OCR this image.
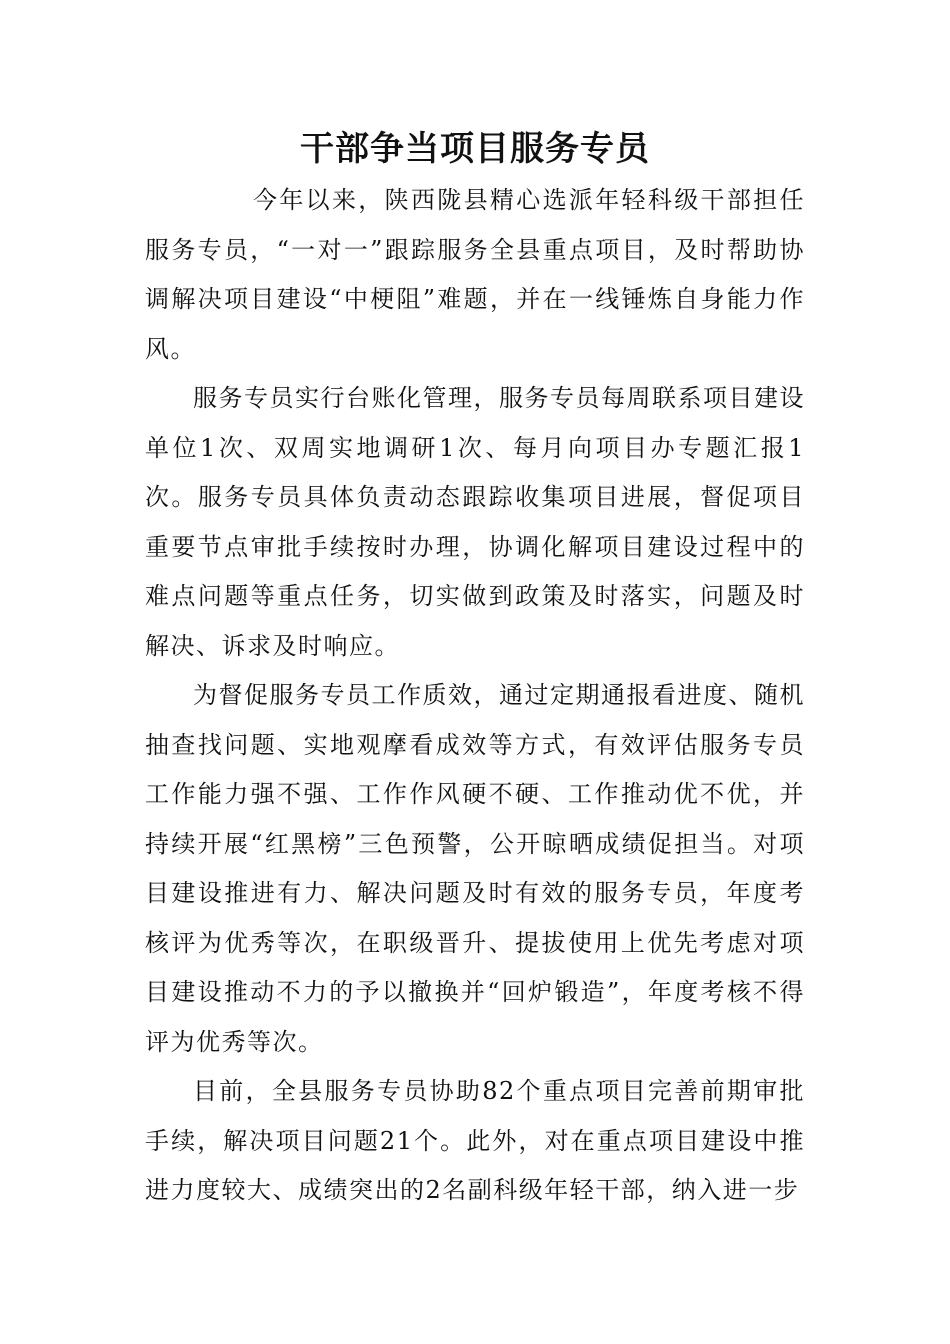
干部争当项目服务专员

今年以来，陕西陇县精心选派年轻科级干部担任服务专员，“一对一”跟踪服务全县重点项目，及时帮助协调解决项目建设“中梗阻”难题，并在一线锤炼自身能力作风。

服务专员实行台账化管理，服务专员每周联系项目建设单位1次、双周实地调研1次、每月向项目办专题汇报1次。服务专员具体负责动态跟踪收集项目进展，督促项目重要节点审批手续按时办理，协调化解项目建设过程中的难点问题等重点任务，切实做到政策及时落实，问题及时解决、诉求及时响应。

为督促服务专员工作质效，通过定期通报看进度、随机抽查找问题、实地观摩看成效等方式，有效评估服务专员工作能力强不强、工作作风硬不硬、工作推动优不优，并持续开展“红黑榜”三色预警，公开晾晒成绩促担当。对项目建设推进有力、解决问题及时有效的服务专员，年度考核评为优秀等次，在职级晋升、提拔使用上优先考虑对项目建设推动不力的予以撤换并“回炉锻造”，年度考核不得评为优秀等次。

目前，全县服务专员协助82个重点项目完善前期审批手续，解决项目问题21个。此外，对在重点项目建设中推进力度较大、成绩突出的2名副科级年轻干部，纳入进一步
